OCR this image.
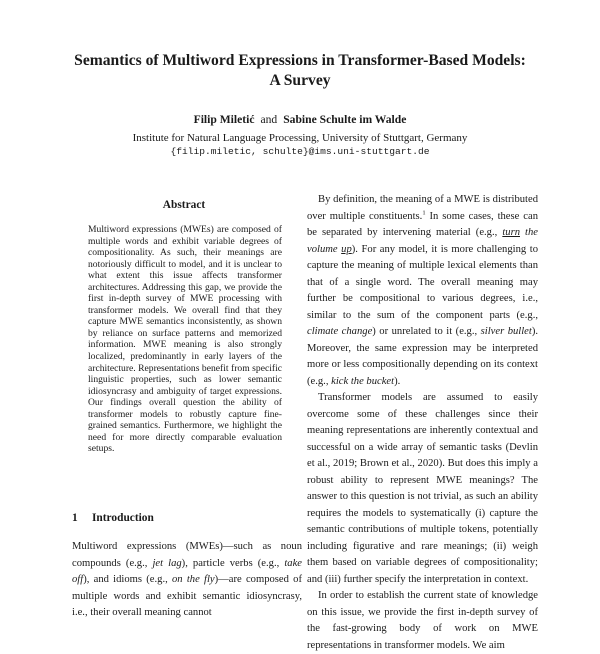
Semantics of Multiword Expressions in Transformer-Based Models:
A Survey
Filip Miletić and Sabine Schulte im Walde
Institute for Natural Language Processing, University of Stuttgart, Germany
{filip.miletic, schulte}@ims.uni-stuttgart.de
Abstract

Multiword expressions (MWEs) are composed of multiple words and exhibit variable degrees of compositionality. As such, their meanings are notoriously difficult to model, and it is unclear to what extent this issue affects transformer architectures. Addressing this gap, we provide the first in-depth survey of MWE processing with transformer models. We overall find that they capture MWE semantics inconsistently, as shown by reliance on surface patterns and memorized information. MWE meaning is also strongly localized, predominantly in early layers of the architecture. Representations benefit from specific linguistic properties, such as lower semantic idiosyncrasy and ambiguity of target expressions. Our findings overall question the ability of transformer models to robustly capture fine-grained semantics. Furthermore, we highlight the need for more directly comparable evaluation setups.

1 Introduction

Multiword expressions (MWEs)—such as noun compounds (e.g., jet lag), particle verbs (e.g., take off), and idioms (e.g., on the fly)—are composed of multiple words and exhibit semantic idiosyncrasy, i.e., their overall meaning cannot

By definition, the meaning of a MWE is distributed over multiple constituents.$^1$ In some cases, these can be separated by intervening material (e.g., turn the volume up). For any model, it is more challenging to capture the meaning of multiple lexical elements than that of a single word. The overall meaning may further be compositional to various degrees, i.e., similar to the sum of the component parts (e.g., climate change) or unrelated to it (e.g., silver bullet). Moreover, the same expression may be interpreted more or less compositionally depending on its context (e.g., kick the bucket).

Transformer models are assumed to easily overcome some of these challenges since their meaning representations are inherently contextual and successful on a wide array of semantic tasks (Devlin et al., 2019; Brown et al., 2020). But does this imply a robust ability to represent MWE meanings? The answer to this question is not trivial, as such an ability requires the models to systematically (i) capture the semantic contributions of multiple tokens, potentially including figurative and rare meanings; (ii) weigh them based on variable degrees of compositionality; and (iii) further specify the interpretation in context.

In order to establish the current state of knowledge on this issue, we provide the first in-depth survey of the fast-growing body of work on MWE representations in transformer models. We aim
